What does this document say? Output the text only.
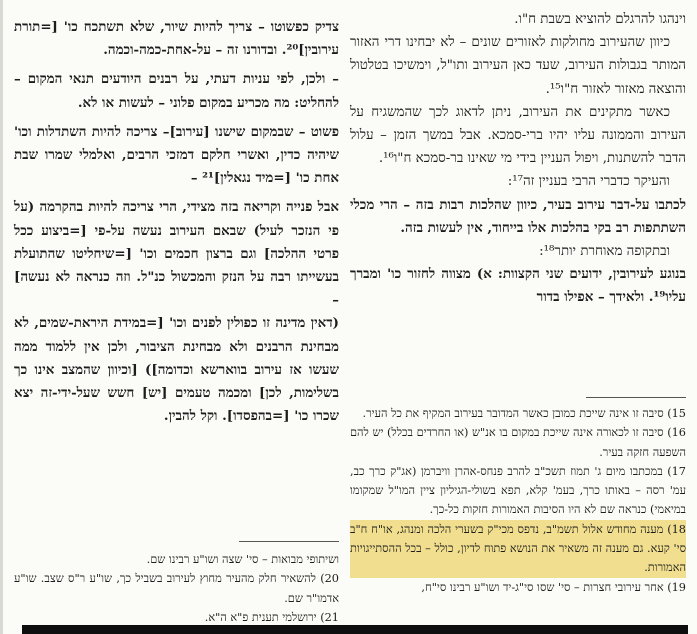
וינהגו להרגלם להוציא בשבת ח"ו.

כיוון שהעירוב מחולקות לאזורים שונים – לא יבחינו דרי האזור המותר בגבולות העירוב, שעד כאן העירוב ותו"ל, וימשיכו בטלטול והוצאה מאזור לאזור ח"ו¹⁵.

כאשר מתקינים את העירוב, ניתן לדאוג לכך שהמשגיח על העירוב והממונה עליו יהיו ברי-סמכא. אבל במשך הזמן – עלול הדבר להשתנות, ויפול העניין בידי מי שאינו בר-סמכא ח"ו¹⁶.

והעיקר כדברי הרבי בעניין זה¹⁷:

לכתבו על-דבר עירוב בעיר, כיוון שהלכות רבות בזה – הרי מכלי השתתפות רב בקי בהלכות אלו בייחוד, אין לעשות בזה.

ובתקופה מאוחרת יותר¹⁸:

בנוגע לעירובין, ידועים שני הקצוות: א) מצווה לחזור כו' ומברך עליו¹⁹. ולאידך – אפילו בדור

צדיק כפשוטו – צריך להיות שיור, שלא תשתכח כו' [=תורת עירובין]²⁰. ובדורנו זה – על-אחת-כמה-וכמה.

– ולכן, לפי עניות דעתי, על רבנים היודעים תנאי המקום – להחליט: מה מכריע במקום פלוני – לעשות או לא.

פשוט – שבמקום שישנו [עירוב]– צריכה להיות השתדלות וכו' שיהיה כדין, ואשרי חלקם דמזכי הרבים, ואלמלי שמרו שבת אחת כו' [=מיד נגאלין]²¹ –

אבל פנייה וקריאה בזה מצידי, הרי צריכה להיות בהקרמה (על פי הנזכר לעיל) שבאם העירוב נעשה על-פי [=ביצוע ככל פרטי ההלכה] וגם ברצון חכמים וכו' [=שיחליטו שהתועלת בעשייתו רבה על הנזק והמכשול כנ"ל. וזה כנראה לא נעשה] –

(דאין מדינה זו כפולין לפנים וכו' [=במידת היראת-שמים, לא מבחינת הרבנים ולא מבחינת הציבור, ולכן אין ללמוד ממה שעשו אז עירוב בווארשא וכדומה]) [וכיוון שהמצב אינו כך בשלימות, לכן] ומכמה טעמים [יש] חשש שעל-ידי-זה יצא שכרו כו' [=בהפסדו]. וקל להבין.	15) סיבה זו אינה שייכת כמובן כאשר המדובר בעירוב המקיף את כל העיר.

16) סיבה זו לכאורה אינה שייכת במקום בו אנ"ש (או החרדים בכלל) יש להם השפעה חזקה בעיר.

17) במכתבו מיום ג' תמוז תשכ"ב להרב פנחס-אהרן וויברמן (אג"ק כרך כב, עמ' רסה – באותו כרך, בעמ' קלא, תפא בשולי-הגיליון ציין המו"ל שמקומו במיאמי) כנראה שם לא היו הסיבות האמורות חזקות כל-כך.

18) מענה מחודש אלול תשמ"ב, נדפס מכי"ק בשערי הלכה ומנהג, או"ח ח"ב סי' קעא. גם מענה זה משאיר את הנושא פתוח לדיון, כולל – בכל ההסתייגויות האמורות.

19) אחר עירובי חצרות – סי' שסו סי"ג-יד ושו"ע רבינו סי"ח,

ושיתופי מבואות – סי' שצה ושו"ע רבינו שם.

20) להשאיר חלק מהעיר מחוץ לעירוב בשביל כך, שו"ע ר"ס שצב. שו"ע אדמו"ר שם.

21) ירושלמי תענית פ"א ה"א.
